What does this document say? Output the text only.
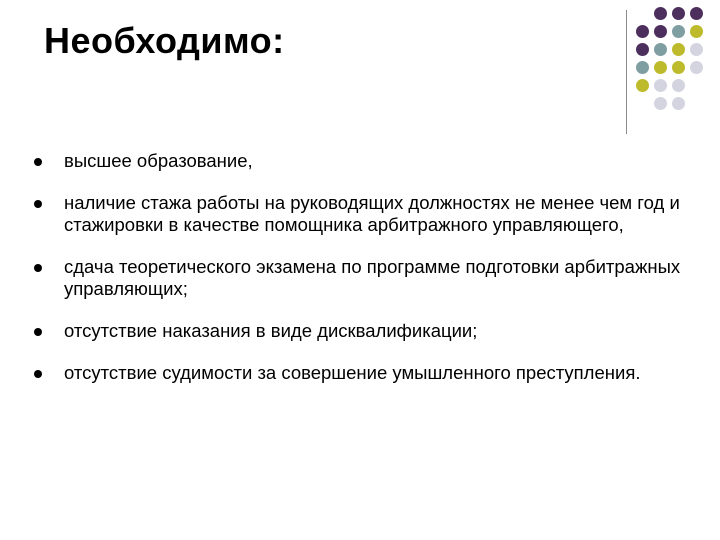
Необходимо:
высшее образование,
наличие стажа работы на руководящих должностях не менее чем год и стажировки в качестве помощника арбитражного управляющего,
сдача теоретического экзамена по программе подготовки арбитражных управляющих;
отсутствие наказания в виде дисквалификации;
отсутствие судимости за совершение умышленного преступления.
